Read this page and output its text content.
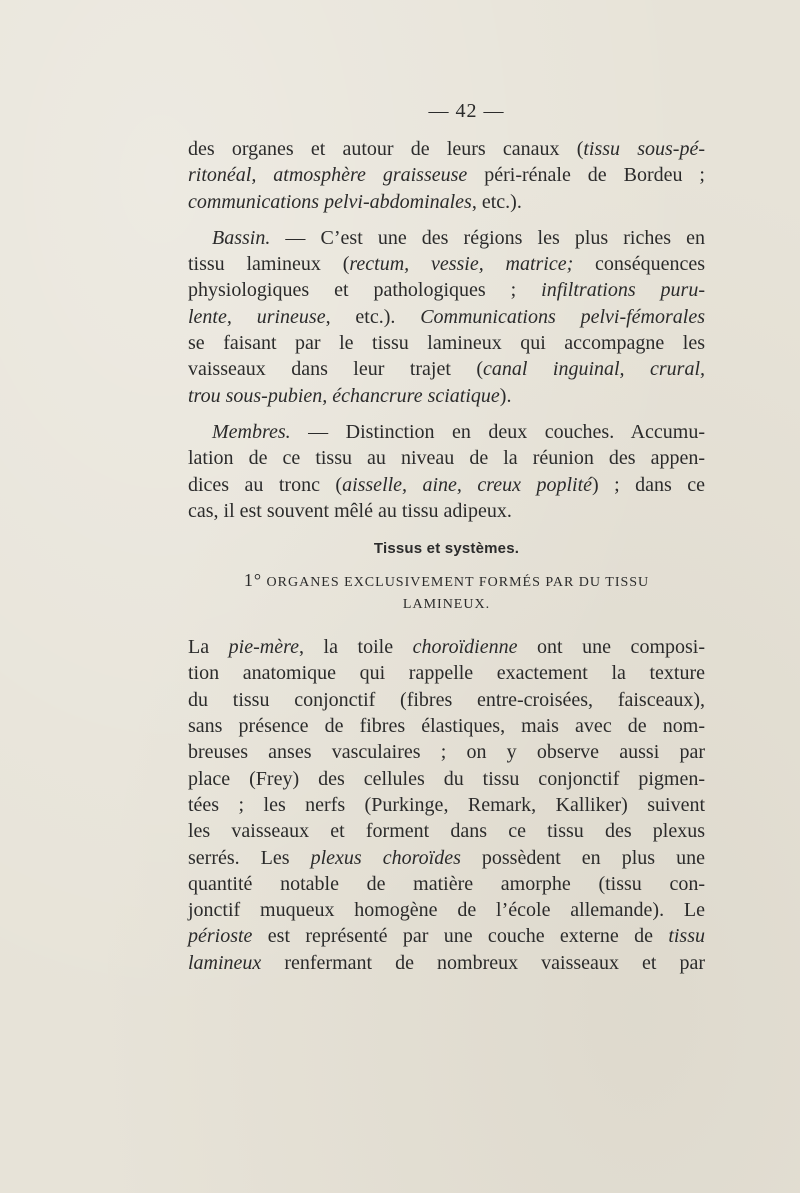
— 42 —
des organes et autour de leurs canaux (tissu sous-pé-
ritonéal, atmosphère graisseuse péri-rénale de Bordeu ;
communications pelvi-abdominales, etc.).
Bassin. — C’est une des régions les plus riches en
tissu lamineux (rectum, vessie, matrice; conséquences
physiologiques et pathologiques ; infiltrations puru-
lente, urineuse, etc.). Communications pelvi-fémorales
se faisant par le tissu lamineux qui accompagne les
vaisseaux dans leur trajet (canal inguinal, crural,
trou sous-pubien, échancrure sciatique).
Membres. — Distinction en deux couches. Accumu-
lation de ce tissu au niveau de la réunion des appen-
dices au tronc (aisselle, aine, creux poplité) ; dans ce
cas, il est souvent mêlé au tissu adipeux.
Tissus et systèmes.
1° ORGANES EXCLUSIVEMENT FORMÉS PAR DU TISSU
LAMINEUX.
La pie-mère, la toile choroïdienne ont une composi-
tion anatomique qui rappelle exactement la texture
du tissu conjonctif (fibres entre-croisées, faisceaux),
sans présence de fibres élastiques, mais avec de nom-
breuses anses vasculaires ; on y observe aussi par
place (Frey) des cellules du tissu conjonctif pigmen-
tées ; les nerfs (Purkinge, Remark, Kalliker) suivent
les vaisseaux et forment dans ce tissu des plexus
serrés. Les plexus choroïdes possèdent en plus une
quantité notable de matière amorphe (tissu con-
jonctif muqueux homogène de l’école allemande). Le
périoste est représenté par une couche externe de tissu
lamineux renfermant de nombreux vaisseaux et par
